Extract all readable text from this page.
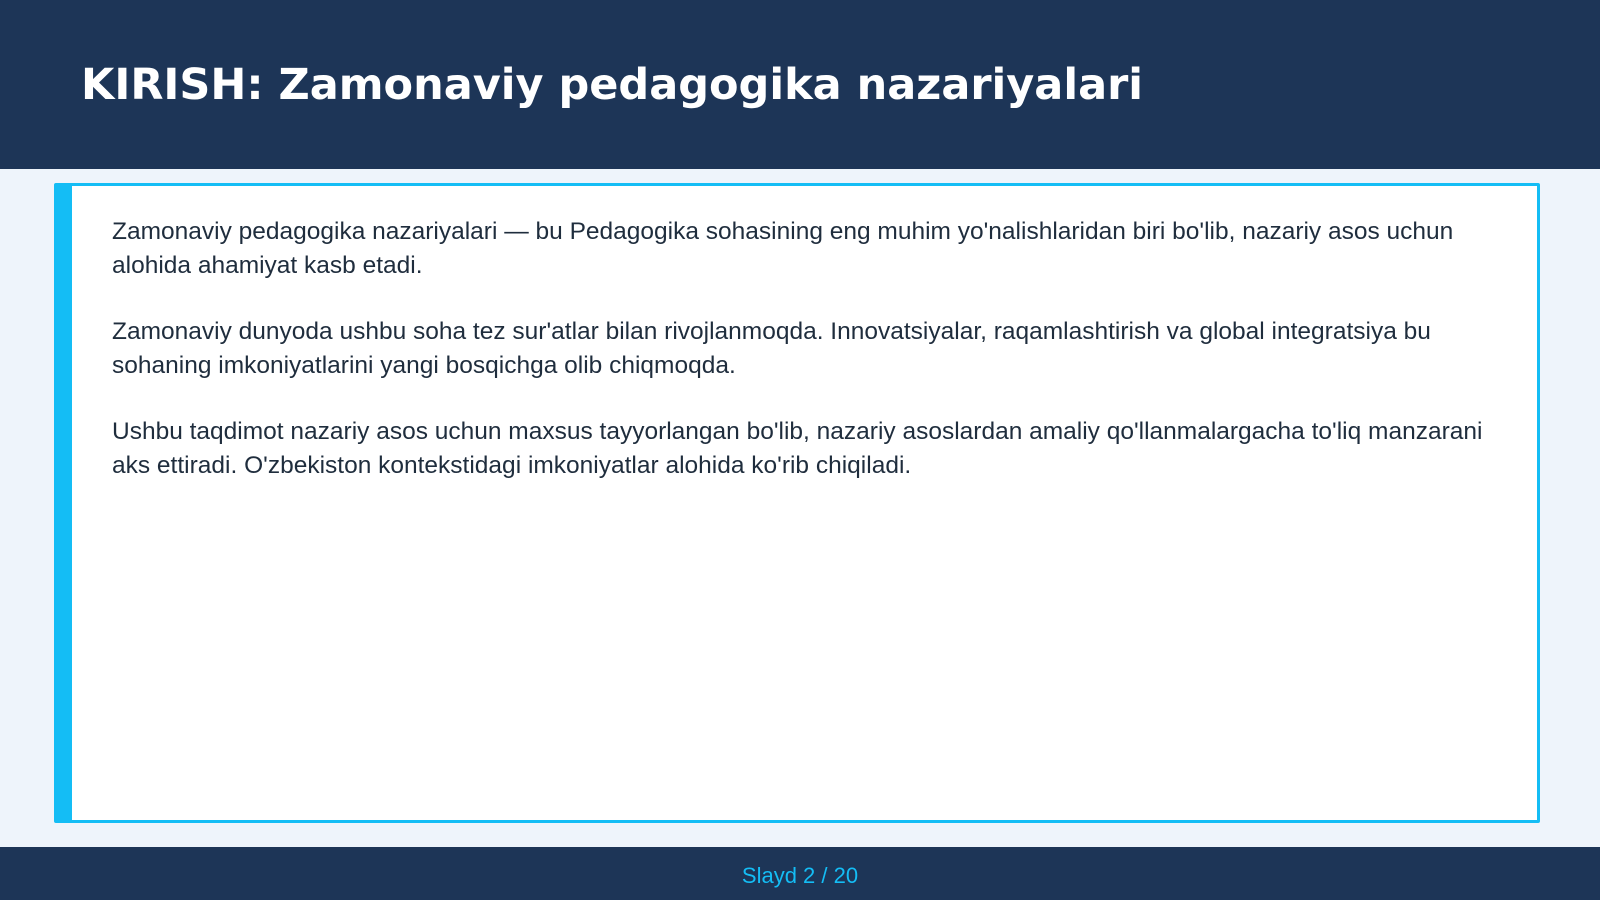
KIRISH: Zamonaviy pedagogika nazariyalari

Zamonaviy pedagogika nazariyalari — bu Pedagogika sohasining eng muhim yo'nalishlaridan biri bo'lib, nazariy asos uchun alohida ahamiyat kasb etadi.

Zamonaviy dunyoda ushbu soha tez sur'atlar bilan rivojlanmoqda. Innovatsiyalar, raqamlashtirish va global integratsiya bu sohaning imkoniyatlarini yangi bosqichga olib chiqmoqda.

Ushbu taqdimot nazariy asos uchun maxsus tayyorlangan bo'lib, nazariy asoslardan amaliy qo'llanmalargacha to'liq manzarani aks ettiradi. O'zbekiston kontekstidagi imkoniyatlar alohida ko'rib chiqiladi.

Slayd 2 / 20
